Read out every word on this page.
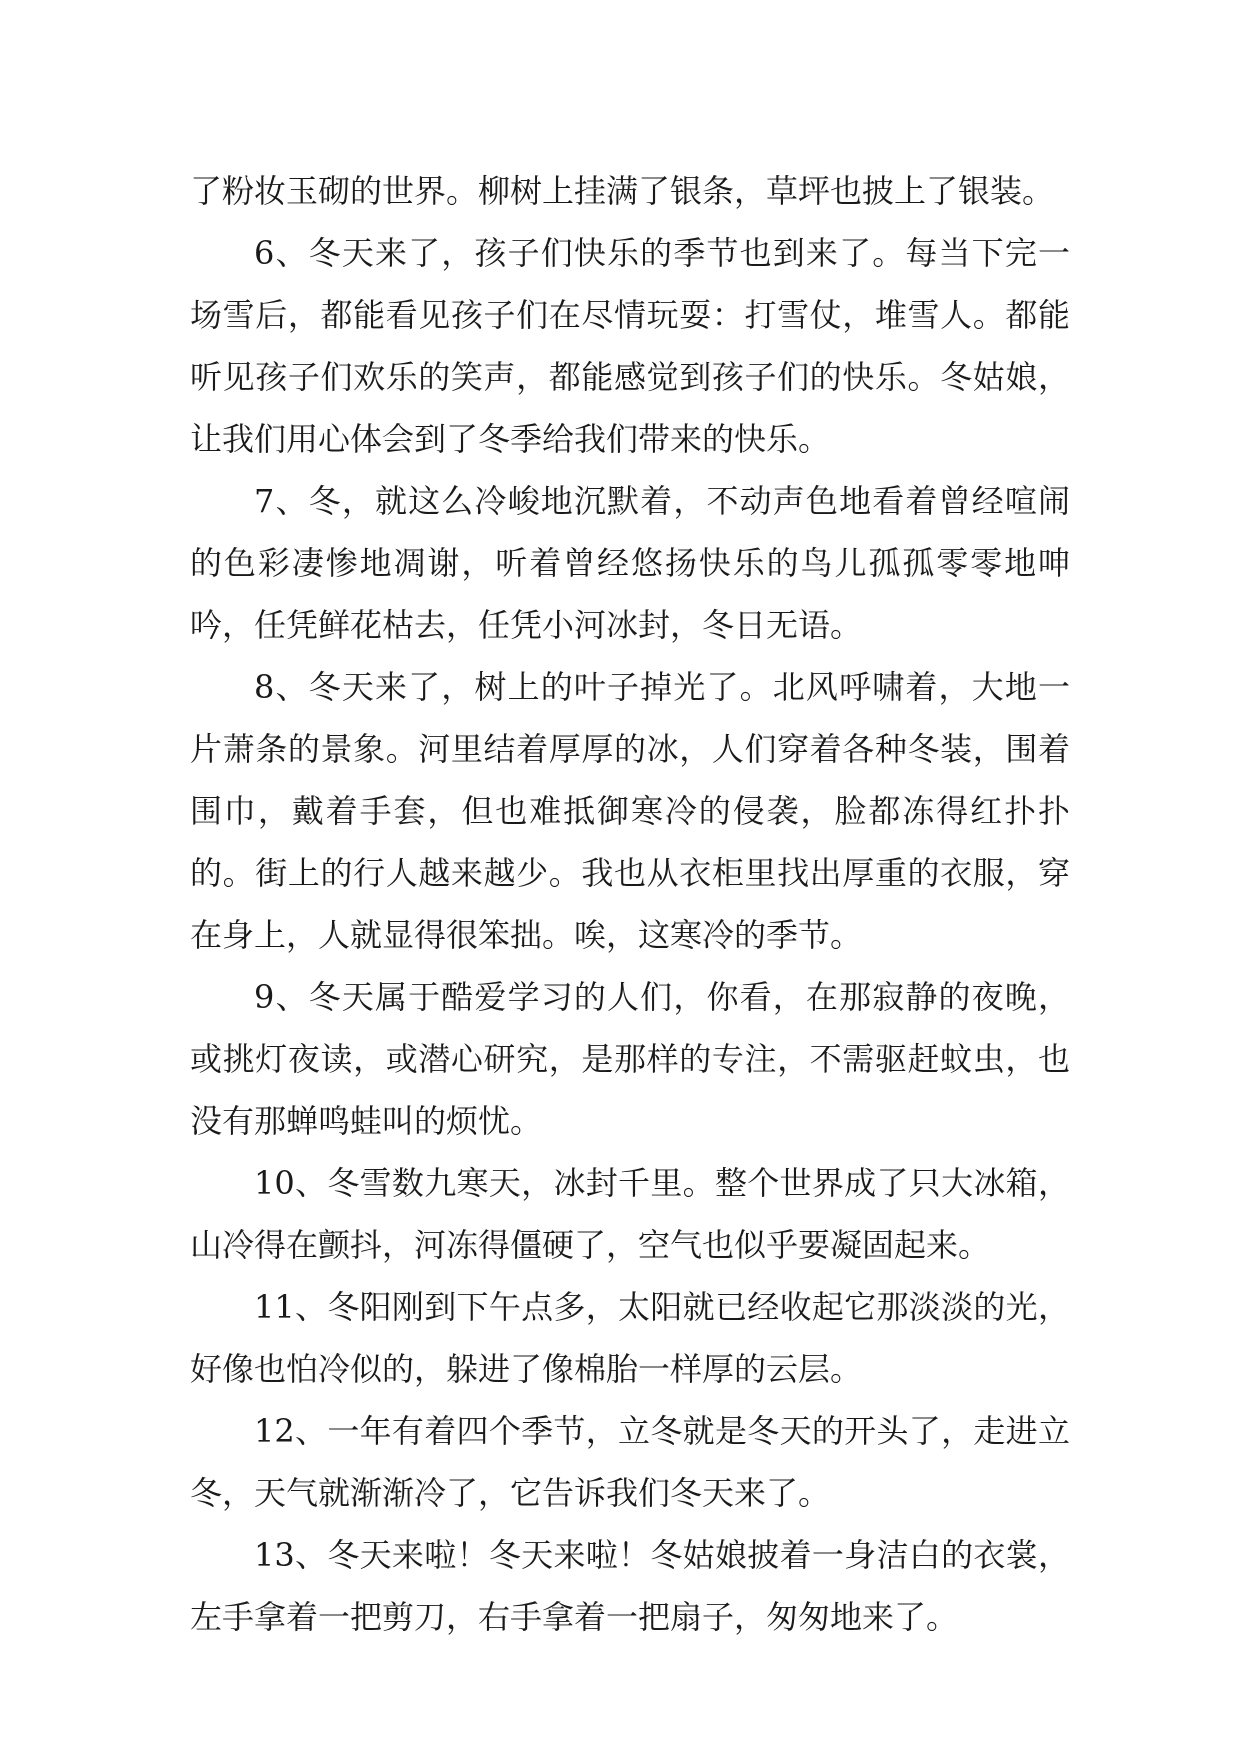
了粉妆玉砌的世界。柳树上挂满了银条，草坪也披上了银装。

6、冬天来了，孩子们快乐的季节也到来了。每当下完一场雪后，都能看见孩子们在尽情玩耍：打雪仗，堆雪人。都能听见孩子们欢乐的笑声，都能感觉到孩子们的快乐。冬姑娘，让我们用心体会到了冬季给我们带来的快乐。

7、冬，就这么冷峻地沉默着，不动声色地看着曾经喧闹的色彩凄惨地凋谢，听着曾经悠扬快乐的鸟儿孤孤零零地呻吟，任凭鲜花枯去，任凭小河冰封，冬日无语。

8、冬天来了，树上的叶子掉光了。北风呼啸着，大地一片萧条的景象。河里结着厚厚的冰，人们穿着各种冬装，围着围巾，戴着手套，但也难抵御寒冷的侵袭，脸都冻得红扑扑的。街上的行人越来越少。我也从衣柜里找出厚重的衣服，穿在身上，人就显得很笨拙。唉，这寒冷的季节。

9、冬天属于酷爱学习的人们，你看，在那寂静的夜晚，或挑灯夜读，或潜心研究，是那样的专注，不需驱赶蚊虫，也没有那蝉鸣蛙叫的烦忧。

10、冬雪数九寒天，冰封千里。整个世界成了只大冰箱，山冷得在颤抖，河冻得僵硬了，空气也似乎要凝固起来。

11、冬阳刚到下午点多，太阳就已经收起它那淡淡的光，好像也怕冷似的，躲进了像棉胎一样厚的云层。

12、一年有着四个季节，立冬就是冬天的开头了，走进立冬，天气就渐渐冷了，它告诉我们冬天来了。

13、冬天来啦！冬天来啦！冬姑娘披着一身洁白的衣裳，左手拿着一把剪刀，右手拿着一把扇子，匆匆地来了。
